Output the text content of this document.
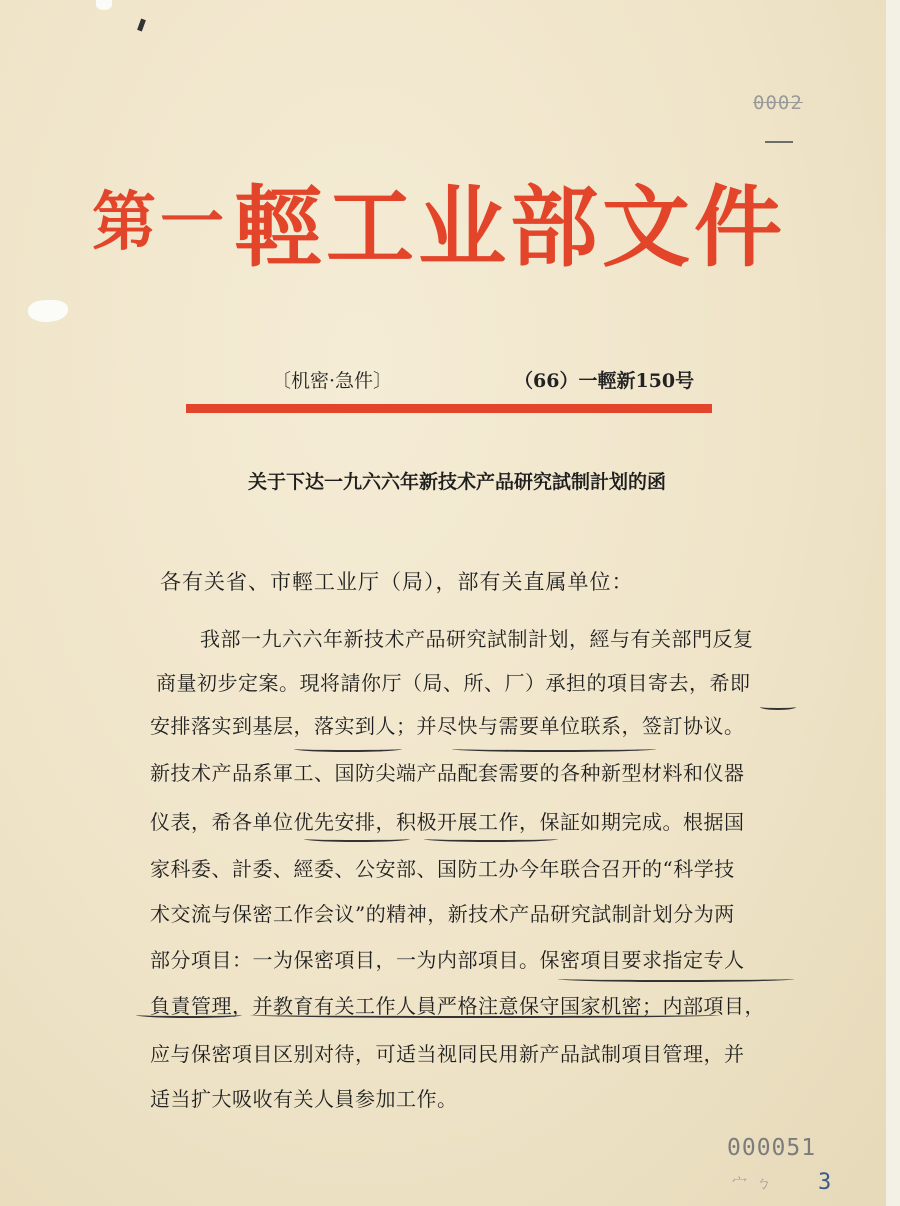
0002
第一輕工业部文件
〔机密·急件〕	（66）一輕新150号
关于下达一九六六年新技术产品研究試制計划的函
各有关省、市輕工业厅（局），部有关直属单位：
我部一九六六年新技术产品研究試制計划，經与有关部門反复
商量初步定案。現将請你厅（局、所、厂）承担的項目寄去，希即
安排落实到基层，落实到人；并尽快与需要单位联系，签訂协议。
新技术产品系軍工、国防尖端产品配套需要的各种新型材料和仪器
仪表，希各单位优先安排，积极开展工作，保証如期完成。根据国
家科委、計委、經委、公安部、国防工办今年联合召开的“科学技
术交流与保密工作会议”的精神，新技术产品研究試制計划分为两
部分項目：一为保密項目，一为内部項目。保密項目要求指定专人
負責管理，并教育有关工作人員严格注意保守国家机密；内部項目，
应与保密項目区别对待，可适当视同民用新产品試制項目管理，并
适当扩大吸收有关人員参加工作。
000051
宀 ㄅ 3
